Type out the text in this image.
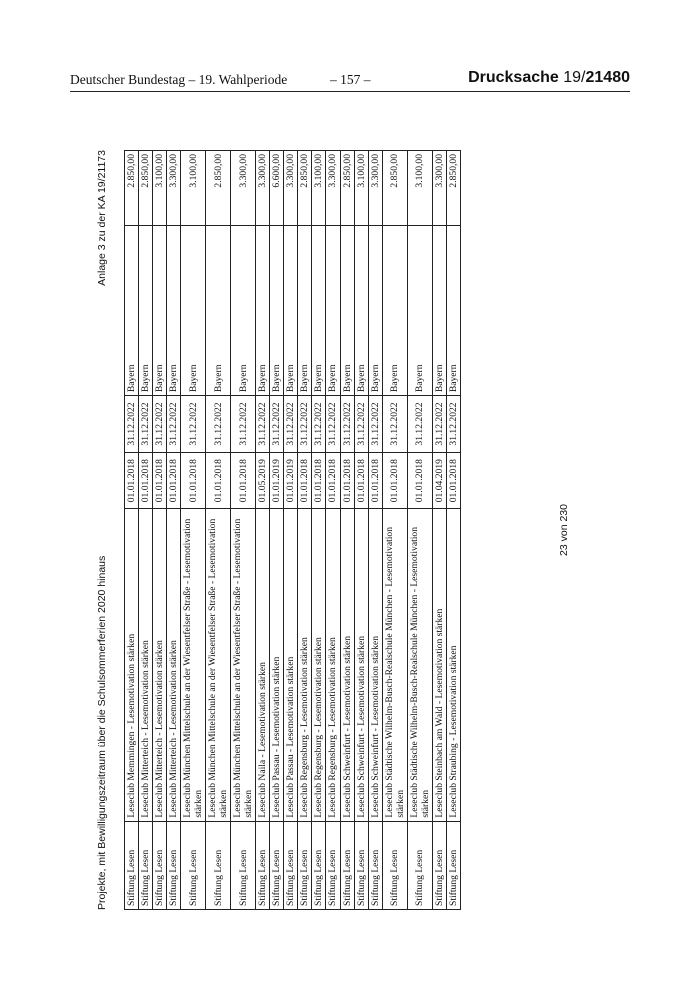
Deutscher Bundestag – 19. Wahlperiode	– 157 –	Drucksache 19/21480
Projekte, mit Bewilligungszeitraum über die Schulsommerferien 2020 hinaus
Anlage 3 zu der KA 19/21173
Stiftung Lesen	Leseclub Memmingen - Lesemotivation stärken	01.01.2018	31.12.2022	Bayern	2.850,00
Stiftung Lesen	Leseclub Mitterteich - Lesemotivation stärken	01.01.2018	31.12.2022	Bayern	2.850,00
Stiftung Lesen	Leseclub Mitterteich - Lesemotivation stärken	01.01.2018	31.12.2022	Bayern	3.100,00
Stiftung Lesen	Leseclub Mitterteich - Lesemotivation stärken	01.01.2018	31.12.2022	Bayern	3.300,00
Stiftung Lesen	Leseclub München Mittelschule an der Wiesentfelser Straße - Lesemotivation stärken	01.01.2018	31.12.2022	Bayern	3.100,00
Stiftung Lesen	Leseclub München Mittelschule an der Wiesentfelser Straße - Lesemotivation stärken	01.01.2018	31.12.2022	Bayern	2.850,00
Stiftung Lesen	Leseclub München Mittelschule an der Wiesentfelser Straße - Lesemotivation stärken	01.01.2018	31.12.2022	Bayern	3.300,00
Stiftung Lesen	Leseclub Naila - Lesemotivation stärken	01.05.2019	31.12.2022	Bayern	3.300,00
Stiftung Lesen	Leseclub Passau - Lesemotivation stärken	01.01.2019	31.12.2022	Bayern	6.600,00
Stiftung Lesen	Leseclub Passau - Lesemotivation stärken	01.01.2019	31.12.2022	Bayern	3.300,00
Stiftung Lesen	Leseclub Regensburg - Lesemotivation stärken	01.01.2018	31.12.2022	Bayern	2.850,00
Stiftung Lesen	Leseclub Regensburg - Lesemotivation stärken	01.01.2018	31.12.2022	Bayern	3.100,00
Stiftung Lesen	Leseclub Regensburg - Lesemotivation stärken	01.01.2018	31.12.2022	Bayern	3.300,00
Stiftung Lesen	Leseclub Schweinfurt - Lesemotivation stärken	01.01.2018	31.12.2022	Bayern	2.850,00
Stiftung Lesen	Leseclub Schweinfurt - Lesemotivation stärken	01.01.2018	31.12.2022	Bayern	3.100,00
Stiftung Lesen	Leseclub Schweinfurt - Lesemotivation stärken	01.01.2018	31.12.2022	Bayern	3.300,00
Stiftung Lesen	Leseclub Städtische Wilhelm-Busch-Realschule München - Lesemotivation stärken	01.01.2018	31.12.2022	Bayern	2.850,00
Stiftung Lesen	Leseclub Städtische Wilhelm-Busch-Realschule München - Lesemotivation stärken	01.01.2018	31.12.2022	Bayern	3.100,00
Stiftung Lesen	Leseclub Steinbach am Wald - Lesemotivation stärken	01.04.2019	31.12.2022	Bayern	3.300,00
Stiftung Lesen	Leseclub Straubing - Lesemotivation stärken	01.01.2018	31.12.2022	Bayern	2.850,00
23 von 230
